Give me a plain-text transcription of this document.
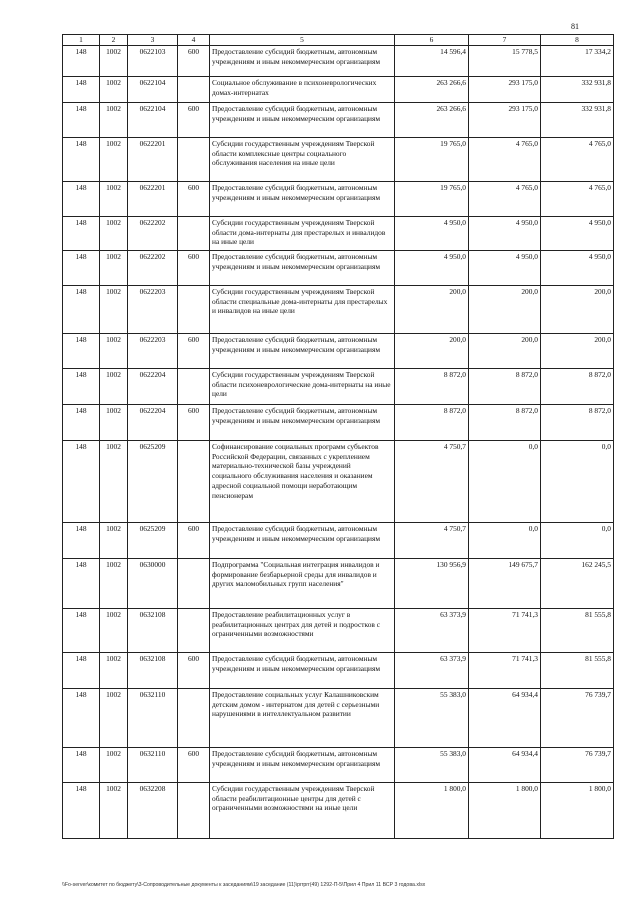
81
1	2	3	4	5	6	7	8
148	1002	0622103	600	Предоставление субсидий бюджетным, автономным учреждениям и иным некоммерческим организациям	14 596,4	15 778,5	17 334,2
148	1002	0622104		Социальное обслуживание в психоневрологических домах-интернатах	263 266,6	293 175,0	332 931,8
148	1002	0622104	600	Предоставление субсидий бюджетным, автономным учреждениям и иным некоммерческим организациям	263 266,6	293 175,0	332 931,8
148	1002	0622201		Субсидии государственным учреждениям Тверской области комплексные центры социального обслуживания населения на иные цели	19 765,0	4 765,0	4 765,0
148	1002	0622201	600	Предоставление субсидий бюджетным, автономным учреждениям и иным некоммерческим организациям	19 765,0	4 765,0	4 765,0
148	1002	0622202		Субсидии государственным учреждениям Тверской области дома-интернаты для престарелых и инвалидов на иные цели	4 950,0	4 950,0	4 950,0
148	1002	0622202	600	Предоставление субсидий бюджетным, автономным учреждениям и иным некоммерческим организациям	4 950,0	4 950,0	4 950,0
148	1002	0622203		Субсидии государственным учреждениям Тверской области специальные дома-интернаты для престарелых и инвалидов на иные цели	200,0	200,0	200,0
148	1002	0622203	600	Предоставление субсидий бюджетным, автономным учреждениям и иным некоммерческим организациям	200,0	200,0	200,0
148	1002	0622204		Субсидии государственным учреждениям Тверской области психоневрологические дома-интернаты на иные цели	8 872,0	8 872,0	8 872,0
148	1002	0622204	600	Предоставление субсидий бюджетным, автономным учреждениям и иным некоммерческим организациям	8 872,0	8 872,0	8 872,0
148	1002	0625209		Софинансирование социальных программ субъектов Российской Федерации, связанных с укреплением материально-технической базы учреждений социального обслуживания населения и оказанием адресной социальной помощи неработающим пенсионерам	4 750,7	0,0	0,0
148	1002	0625209	600	Предоставление субсидий бюджетным, автономным учреждениям и иным некоммерческим организациям	4 750,7	0,0	0,0
148	1002	0630000		Подпрограмма "Социальная интеграция инвалидов и формирование безбарьерной среды для инвалидов и других маломобильных групп населения"	130 956,9	149 675,7	162 245,5
148	1002	0632108		Предоставление реабилитационных услуг в реабилитационных центрах для детей и подростков с ограниченными возможностями	63 373,9	71 741,3	81 555,8
148	1002	0632108	600	Предоставление субсидий бюджетным, автономным учреждениям и иным некоммерческим организациям	63 373,9	71 741,3	81 555,8
148	1002	0632110		Предоставление социальных услуг Калашниковским детским домом - интернатом для детей с серьезными нарушениями в интеллектуальном развитии	55 383,0	64 934,4	76 739,7
148	1002	0632110	600	Предоставление субсидий бюджетным, автономным учреждениям и иным некоммерческим организациям	55 383,0	64 934,4	76 739,7
148	1002	0632208		Субсидии государственным учреждениям Тверской области реабилитационные центры для детей с ограниченными возможностями на иные цели	1 800,0	1 800,0	1 800,0
\\Fo-server\комитет по бюджету\3-Сопроводительные документы к заседаниям\19 заседание (11)\prrprr(49) 1292-П-5\Прил 4 Прил 11 ВСР 3 годова.xlsx
